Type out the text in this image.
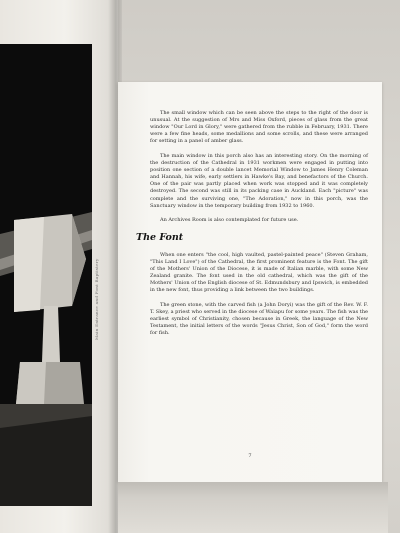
Main Entrance and Font Baptistery

The small window which can be seen above the steps to the right of the door is unusual. At the suggestion of Mrs and Miss Oxford, pieces of glass from the great window "Our Lord in Glory," were gathered from the rubble in February, 1931. There were a few fine heads, some medallions and some scrolls, and these were arranged for setting in a panel of amber glass.

The main window in this porch also has an interesting story. On the morning of the destruction of the Cathedral in 1931 workmen were engaged in putting into position one section of a double lancet Memorial Window to James Henry Coleman and Hannah, his wife, early settlers in Hawke's Bay, and benefactors of the Church. One of the pair was partly placed when work was stopped and it was completely destroyed. The second was still in its packing case in Auckland. Each "picture" was complete and the surviving one, "The Adoration," now in this porch, was the Sanctuary window in the temporary building from 1932 to 1960.

An Archives Room is also contemplated for future use.

The Font

When one enters "the cool, high vaulted, pastel-painted peace" (Steven Graham, "This Land I Love") of the Cathedral, the first prominent feature is the Font. The gift of the Mothers' Union of the Diocese, it is made of Italian marble, with some New Zealand granite. The font used in the old cathedral, which was the gift of the Mothers' Union of the English diocese of St. Edmundsbury and Ipswich, is embedded in the new font, thus providing a link between the two buildings.

The green stone, with the carved fish (a John Doryi) was the gift of the Rev. W. F. T. Skey, a priest who served in the diocese of Waiapu for some years. The fish was the earliest symbol of Christianity, chosen because in Greek, the language of the New Testament, the initial letters of the words "Jesus Christ, Son of God," form the word for fish.

7
